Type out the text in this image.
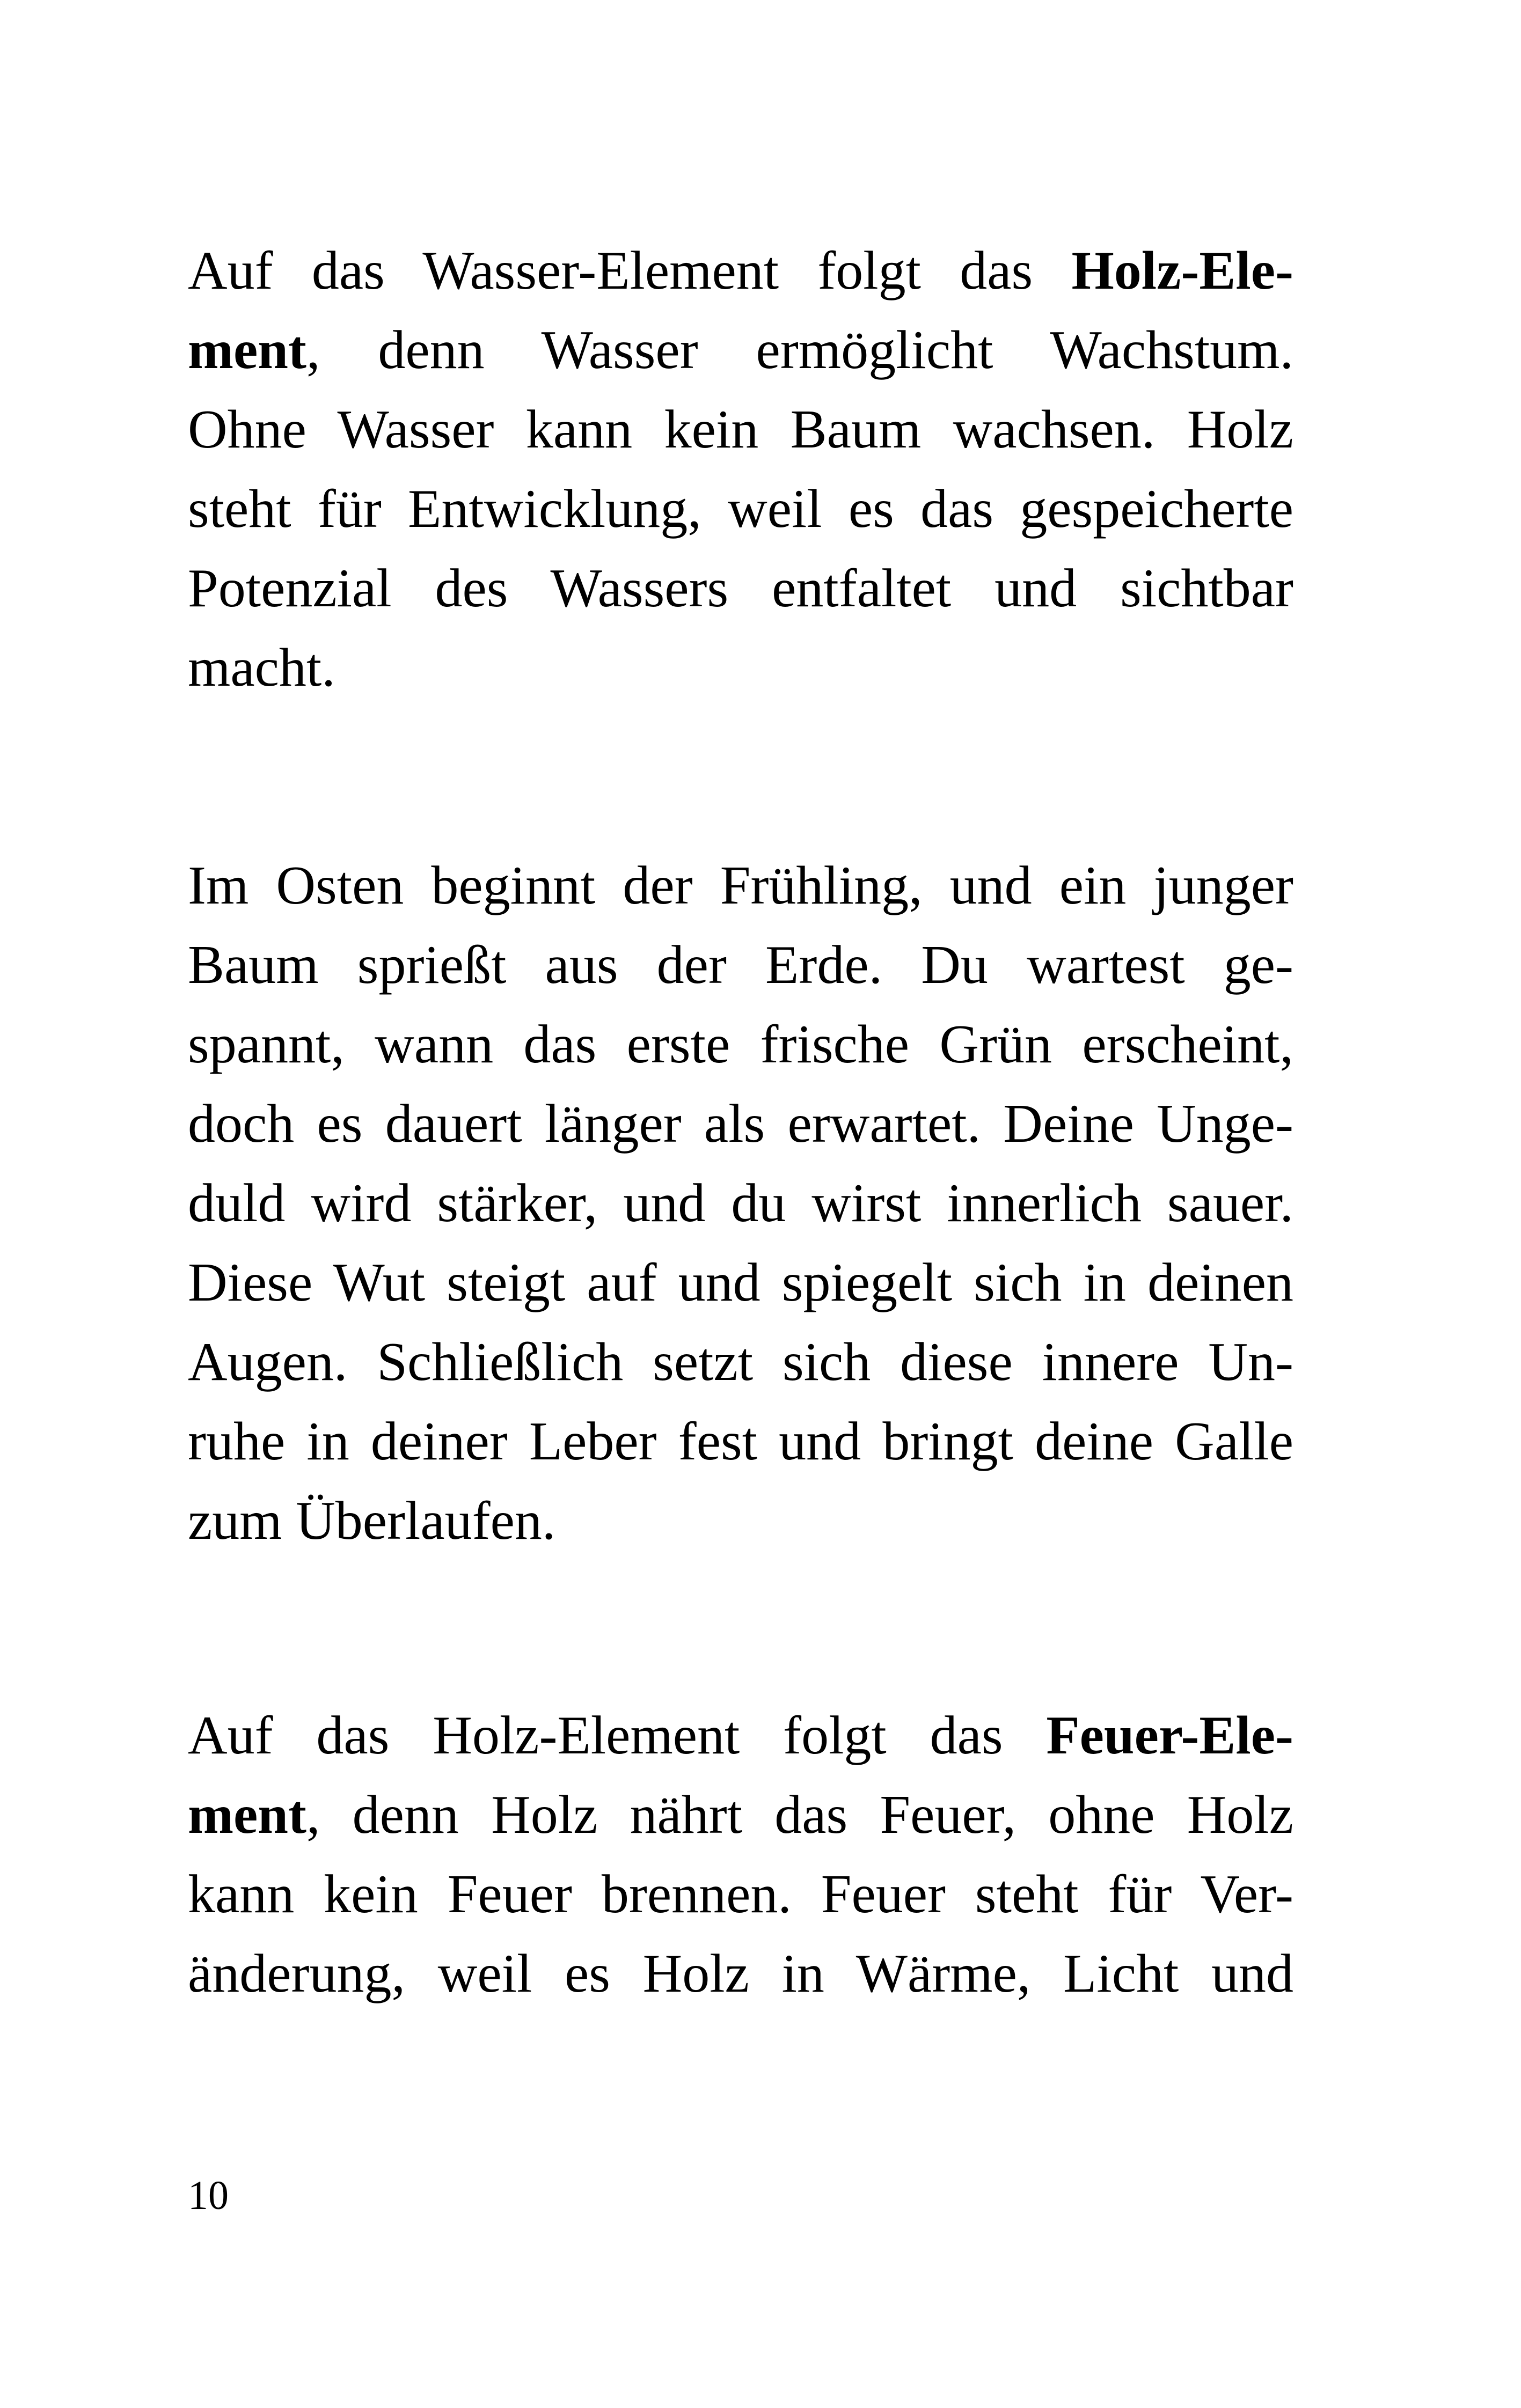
Auf das Wasser-Element folgt das Holz-Ele-
ment, denn Wasser ermöglicht Wachstum.
Ohne Wasser kann kein Baum wachsen. Holz
steht für Entwicklung, weil es das gespeicherte
Potenzial des Wassers entfaltet und sichtbar
macht.
Im Osten beginnt der Frühling, und ein junger
Baum sprießt aus der Erde. Du wartest ge-
spannt, wann das erste frische Grün erscheint,
doch es dauert länger als erwartet. Deine Unge-
duld wird stärker, und du wirst innerlich sauer.
Diese Wut steigt auf und spiegelt sich in deinen
Augen. Schließlich setzt sich diese innere Un-
ruhe in deiner Leber fest und bringt deine Galle
zum Überlaufen.
Auf das Holz-Element folgt das Feuer-Ele-
ment, denn Holz nährt das Feuer, ohne Holz
kann kein Feuer brennen. Feuer steht für Ver-
änderung, weil es Holz in Wärme, Licht und
10
